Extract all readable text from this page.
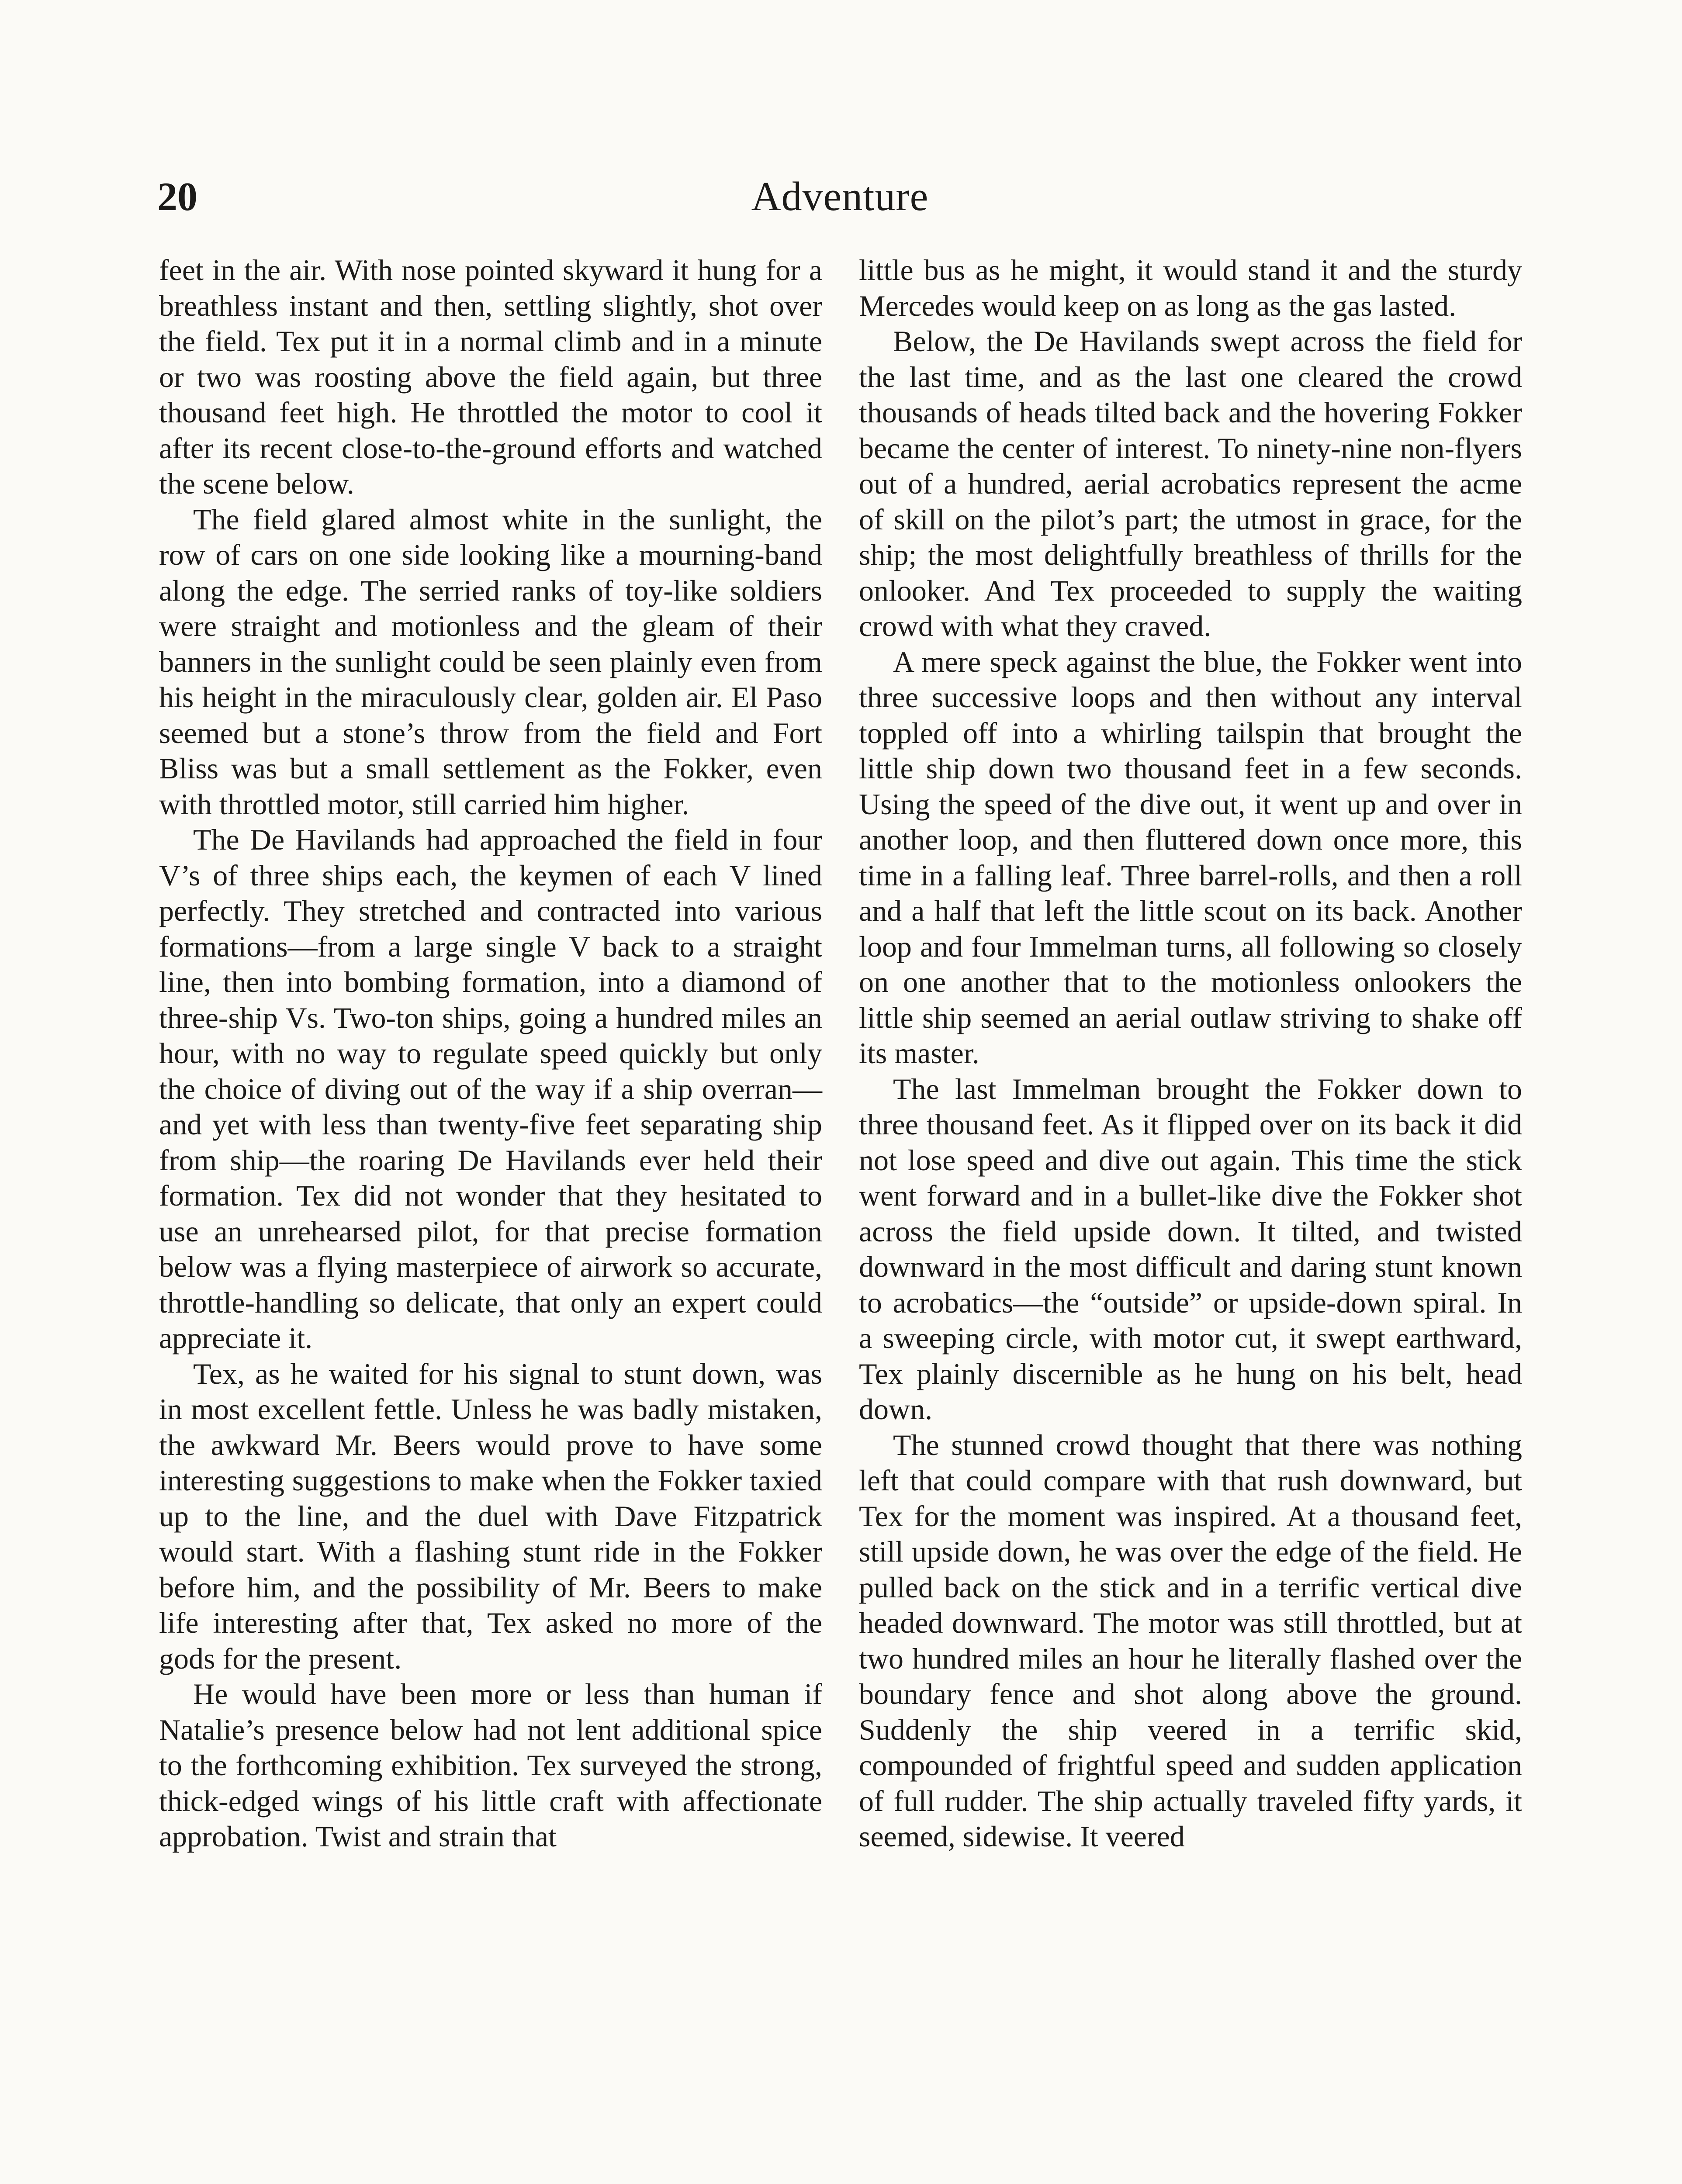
20	Adventure

feet in the air. With nose pointed skyward it hung for a breathless instant and then, settling slightly, shot over the field. Tex put it in a normal climb and in a minute or two was roosting above the field again, but three thousand feet high. He throttled the motor to cool it after its recent close-to-the-ground efforts and watched the scene below.

The field glared almost white in the sunlight, the row of cars on one side looking like a mourning-band along the edge. The serried ranks of toy-like soldiers were straight and motionless and the gleam of their banners in the sunlight could be seen plainly even from his height in the miraculously clear, golden air. El Paso seemed but a stone’s throw from the field and Fort Bliss was but a small settlement as the Fokker, even with throttled motor, still carried him higher.

The De Havilands had approached the field in four V’s of three ships each, the keymen of each V lined perfectly. They stretched and contracted into various formations—from a large single V back to a straight line, then into bombing formation, into a diamond of three-ship Vs. Two-ton ships, going a hundred miles an hour, with no way to regulate speed quickly but only the choice of diving out of the way if a ship overran—and yet with less than twenty-five feet separating ship from ship—the roaring De Havilands ever held their formation. Tex did not wonder that they hesitated to use an unrehearsed pilot, for that precise formation below was a flying masterpiece of airwork so accurate, throttle-handling so delicate, that only an expert could appreciate it.

Tex, as he waited for his signal to stunt down, was in most excellent fettle. Unless he was badly mistaken, the awkward Mr. Beers would prove to have some interesting suggestions to make when the Fokker taxied up to the line, and the duel with Dave Fitzpatrick would start. With a flashing stunt ride in the Fokker before him, and the possibility of Mr. Beers to make life interesting after that, Tex asked no more of the gods for the present.

He would have been more or less than human if Natalie’s presence below had not lent additional spice to the forthcoming exhibition. Tex surveyed the strong, thick-edged wings of his little craft with affectionate approbation. Twist and strain that

little bus as he might, it would stand it and the sturdy Mercedes would keep on as long as the gas lasted.

Below, the De Havilands swept across the field for the last time, and as the last one cleared the crowd thousands of heads tilted back and the hovering Fokker became the center of interest. To ninety-nine non-flyers out of a hundred, aerial acrobatics represent the acme of skill on the pilot’s part; the utmost in grace, for the ship; the most delightfully breathless of thrills for the onlooker. And Tex proceeded to supply the waiting crowd with what they craved.

A mere speck against the blue, the Fokker went into three successive loops and then without any interval toppled off into a whirling tailspin that brought the little ship down two thousand feet in a few seconds. Using the speed of the dive out, it went up and over in another loop, and then fluttered down once more, this time in a falling leaf. Three barrel-rolls, and then a roll and a half that left the little scout on its back. Another loop and four Immelman turns, all following so closely on one another that to the motionless onlookers the little ship seemed an aerial outlaw striving to shake off its master.

The last Immelman brought the Fokker down to three thousand feet. As it flipped over on its back it did not lose speed and dive out again. This time the stick went forward and in a bullet-like dive the Fokker shot across the field upside down. It tilted, and twisted downward in the most difficult and daring stunt known to acrobatics—the “outside” or upside-down spiral. In a sweeping circle, with motor cut, it swept earthward, Tex plainly discernible as he hung on his belt, head down.

The stunned crowd thought that there was nothing left that could compare with that rush downward, but Tex for the moment was inspired. At a thousand feet, still upside down, he was over the edge of the field. He pulled back on the stick and in a terrific vertical dive headed downward. The motor was still throttled, but at two hundred miles an hour he literally flashed over the boundary fence and shot along above the ground. Suddenly the ship veered in a terrific skid, compounded of frightful speed and sudden application of full rudder. The ship actually traveled fifty yards, it seemed, sidewise. It veered
